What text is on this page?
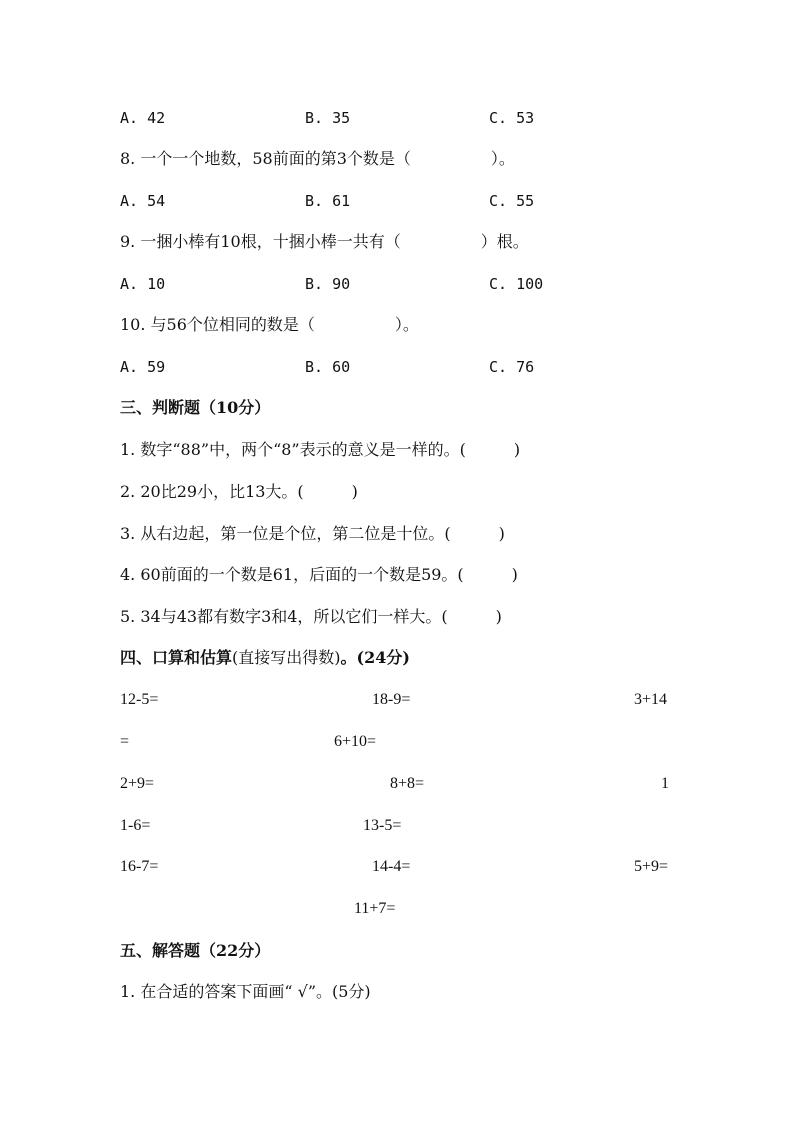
A. 42	B. 35	C. 53
8. 一个一个地数，58前面的第3个数是（　　　　　）。
A. 54	B. 61	C. 55
9. 一捆小棒有10根，十捆小棒一共有（　　　　　）根。
A. 10	B. 90	C. 100
10. 与56个位相同的数是（　　　　　）。
A. 59	B. 60	C. 76
三、判断题（10分）
1. 数字“88”中，两个“8”表示的意义是一样的。(　　　)
2. 20比29小，比13大。(　　　)
3. 从右边起，第一位是个位，第二位是十位。(　　　)
4. 60前面的一个数是61，后面的一个数是59。(　　　)
5. 34与43都有数字3和4，所以它们一样大。(　　　)
四、口算和估算(直接写出得数)。(24分)
12-5=	18-9=	3+14
=	6+10=
2+9=	8+8=	1
1-6=	13-5=
16-7=	14-4=	5+9=
11+7=
五、解答题（22分）
1. 在合适的答案下面画“ √”。(5分)
